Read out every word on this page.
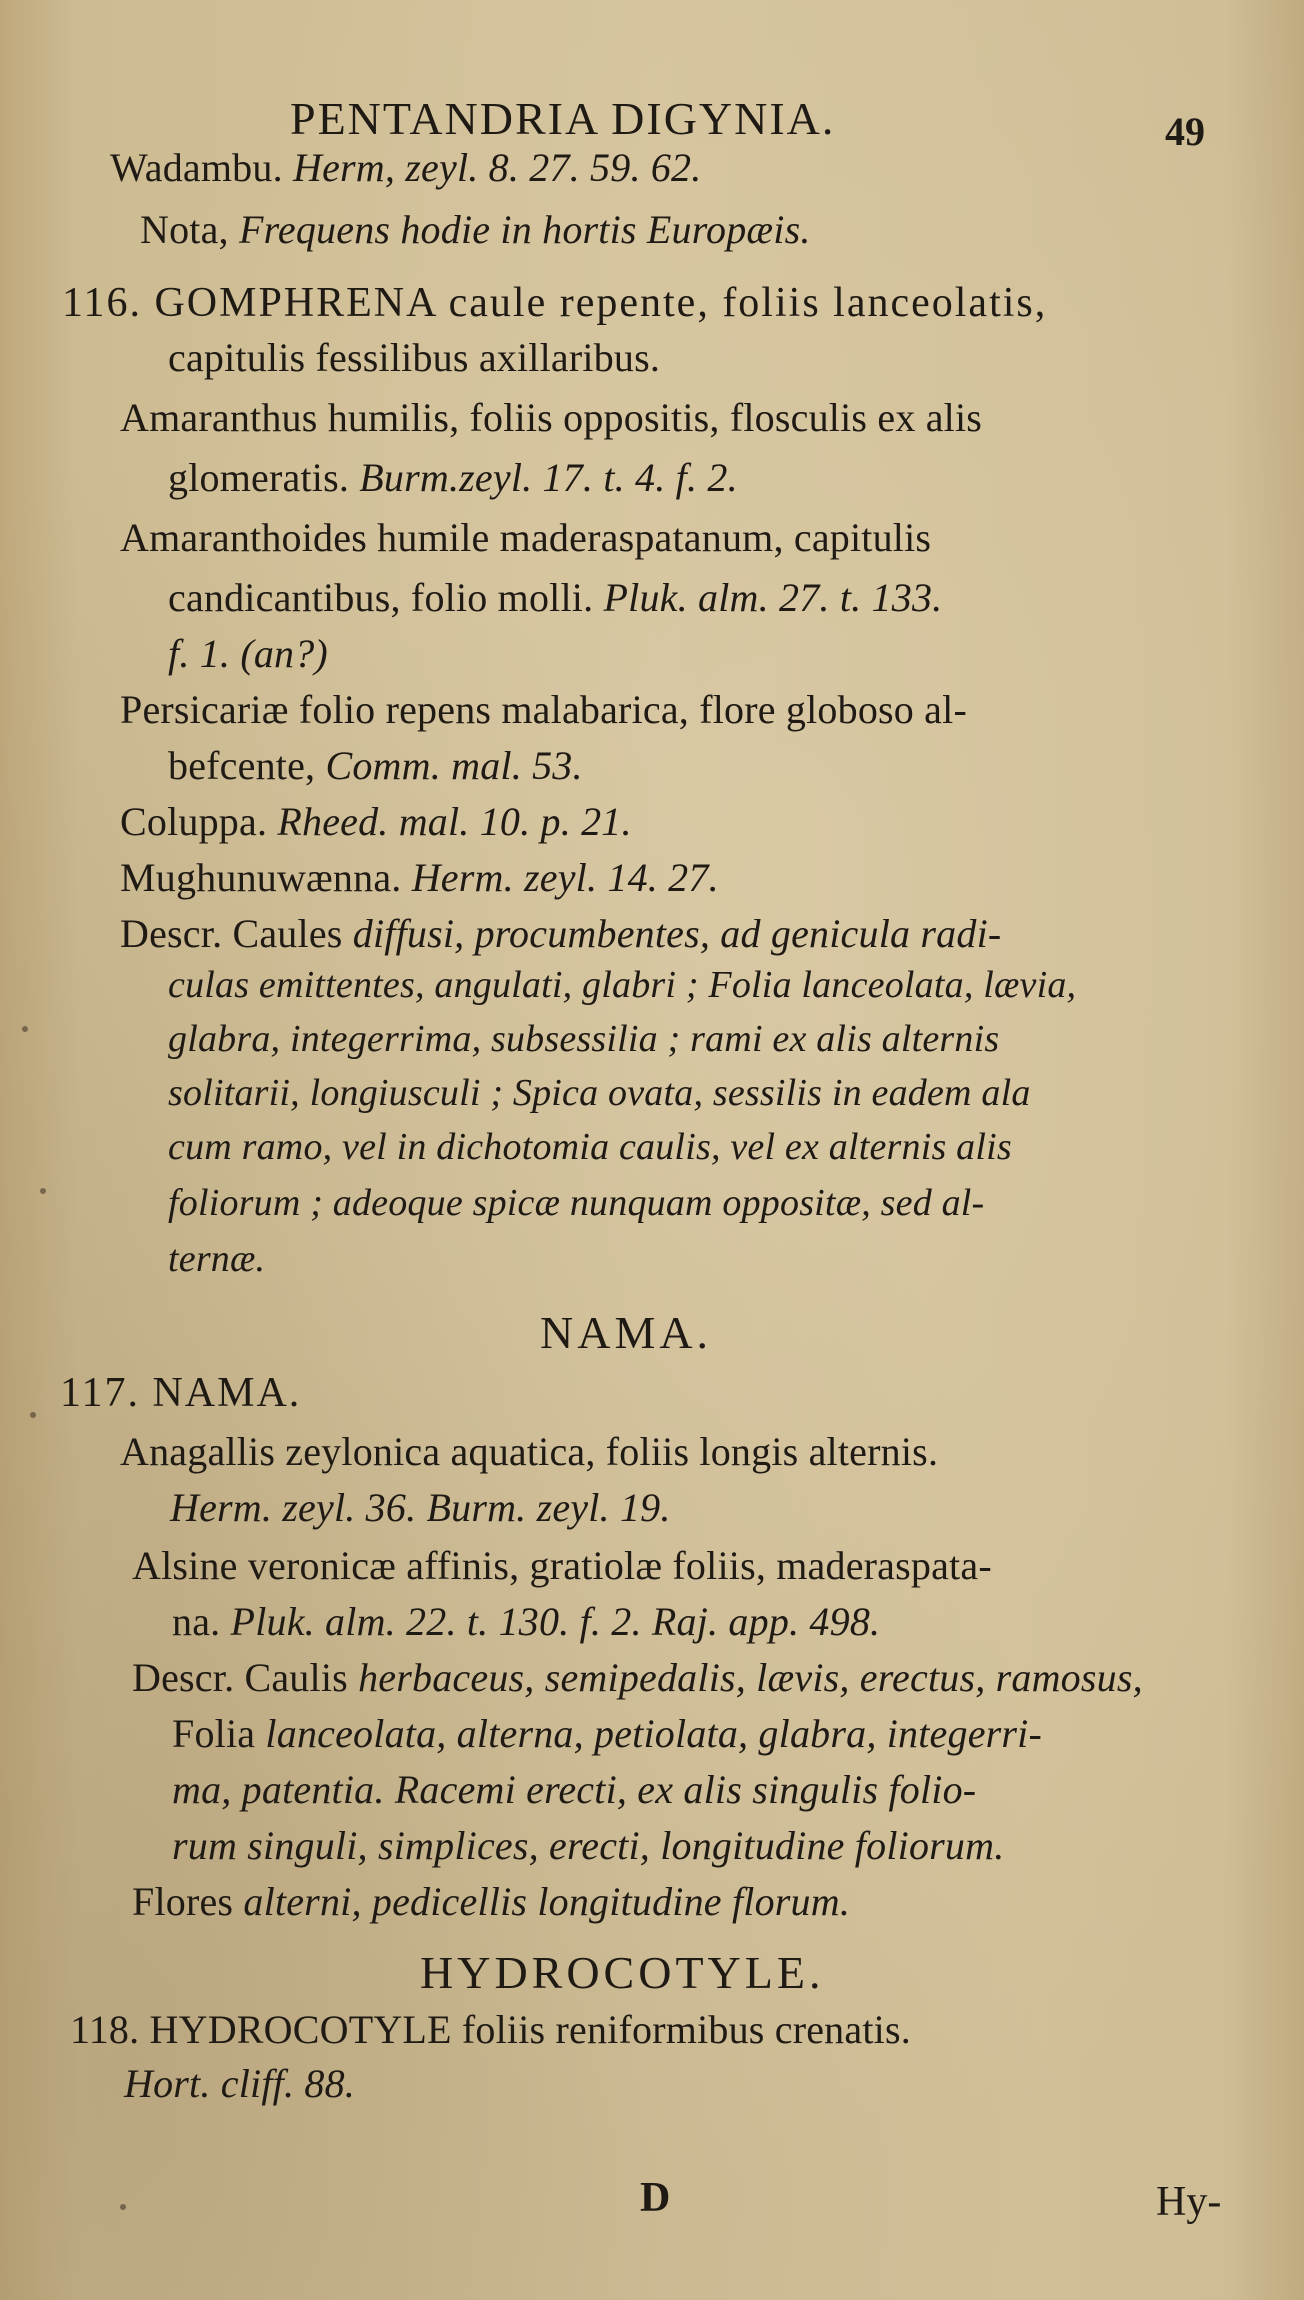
PENTANDRIA DIGYNIA.	49
Wadambu. Herm, zeyl. 8. 27. 59. 62.
Nota, Frequens hodie in hortis Europæis.
116. GOMPHRENA caule repente, foliis lanceolatis,
capitulis fessilibus axillaribus.
Amaranthus humilis, foliis oppositis, flosculis ex alis
glomeratis. Burm.zeyl. 17. t. 4. f. 2.
Amaranthoides humile maderaspatanum, capitulis
candicantibus, folio molli. Pluk. alm. 27. t. 133.
f. 1. (an?)
Persicariæ folio repens malabarica, flore globoso al-
befcente, Comm. mal. 53.
Coluppa. Rheed. mal. 10. p. 21.
Mughunuwænna. Herm. zeyl. 14. 27.
Descr. Caules diffusi, procumbentes, ad genicula radi-
culas emittentes, angulati, glabri ; Folia lanceolata, lævia,
glabra, integerrima, subsessilia ; rami ex alis alternis
solitarii, longiusculi ; Spica ovata, sessilis in eadem ala
cum ramo, vel in dichotomia caulis, vel ex alternis alis
foliorum ; adeoque spicæ nunquam oppositæ, sed al-
ternæ.
NAMA.
117. NAMA.
Anagallis zeylonica aquatica, foliis longis alternis.
Herm. zeyl. 36. Burm. zeyl. 19.
Alsine veronicæ affinis, gratiolæ foliis, maderaspata-
na. Pluk. alm. 22. t. 130. f. 2. Raj. app. 498.
Descr. Caulis herbaceus, semipedalis, lævis, erectus, ramosus,
Folia lanceolata, alterna, petiolata, glabra, integerri-
ma, patentia. Racemi erecti, ex alis singulis folio-
rum singuli, simplices, erecti, longitudine foliorum.
Flores alterni, pedicellis longitudine florum.
HYDROCOTYLE.
118. HYDROCOTYLE foliis reniformibus crenatis.
Hort. cliff. 88.
D	Hy-
